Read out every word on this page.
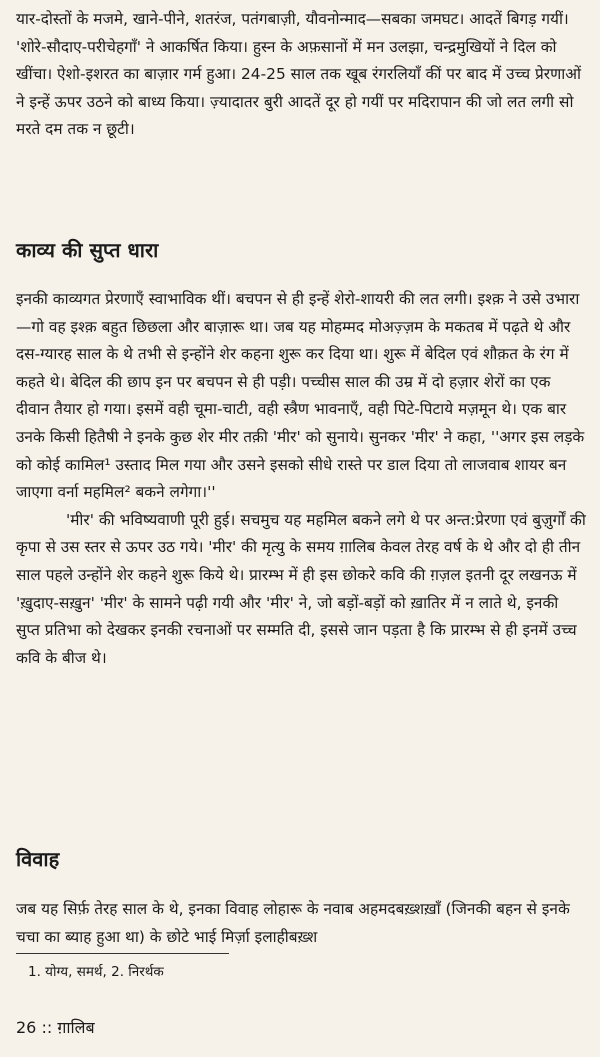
यार-दोस्तों के मजमे, खाने-पीने, शतरंज, पतंगबाज़ी, यौवनोन्माद—सबका जमघट। आदतें बिगड़ गयीं। 'शोरे-सौदाए-परीचेहगाँ' ने आकर्षित किया। हुस्न के अफ़सानों में मन उलझा, चन्द्रमुखियों ने दिल को खींचा। ऐशो-इशरत का बाज़ार गर्म हुआ। 24-25 साल तक खूब रंगरलियाँ कीं पर बाद में उच्च प्रेरणाओं ने इन्हें ऊपर उठने को बाध्य किया। ज़्यादातर बुरी आदतें दूर हो गयीं पर मदिरापान की जो लत लगी सो मरते दम तक न छूटी।

काव्य की सुप्त धारा

इनकी काव्यगत प्रेरणाएँ स्वाभाविक थीं। बचपन से ही इन्हें शेरो-शायरी की लत लगी। इश्क़ ने उसे उभारा—गो वह इश्क़ बहुत छिछला और बाज़ारू था। जब यह मोहम्मद मोअज़्ज़म के मकतब में पढ़ते थे और दस-ग्यारह साल के थे तभी से इन्होंने शेर कहना शुरू कर दिया था। शुरू में बेदिल एवं शौक़त के रंग में कहते थे। बेदिल की छाप इन पर बचपन से ही पड़ी। पच्चीस साल की उम्र में दो हज़ार शेरों का एक दीवान तैयार हो गया। इसमें वही चूमा-चाटी, वही स्त्रैण भावनाएँ, वही पिटे-पिटाये मज़मून थे। एक बार उनके किसी हितैषी ने इनके कुछ शेर मीर तक़ी 'मीर' को सुनाये। सुनकर 'मीर' ने कहा, ''अगर इस लड़के को कोई कामिल¹ उस्ताद मिल गया और उसने इसको सीधे रास्ते पर डाल दिया तो लाजवाब शायर बन जाएगा वर्ना महमिल² बकने लगेगा।''

'मीर' की भविष्यवाणी पूरी हुई। सचमुच यह महमिल बकने लगे थे पर अन्त:प्रेरणा एवं बुज़ुर्गों की कृपा से उस स्तर से ऊपर उठ गये। 'मीर' की मृत्यु के समय ग़ालिब केवल तेरह वर्ष के थे और दो ही तीन साल पहले उन्होंने शेर कहने शुरू किये थे। प्रारम्भ में ही इस छोकरे कवि की ग़ज़ल इतनी दूर लखनऊ में 'ख़ुदाए-सख़ुन' 'मीर' के सामने पढ़ी गयी और 'मीर' ने, जो बड़ों-बड़ों को ख़ातिर में न लाते थे, इनकी सुप्त प्रतिभा को देखकर इनकी रचनाओं पर सम्मति दी, इससे जान पड़ता है कि प्रारम्भ से ही इनमें उच्च कवि के बीज थे।

विवाह

जब यह सिर्फ़ तेरह साल के थे, इनका विवाह लोहारू के नवाब अहमदबख़्शख़ाँ (जिनकी बहन से इनके चचा का ब्याह हुआ था) के छोटे भाई मिर्ज़ा इलाहीबख़्श

1. योग्य, समर्थ, 2. निरर्थक
26 :: ग़ालिब
